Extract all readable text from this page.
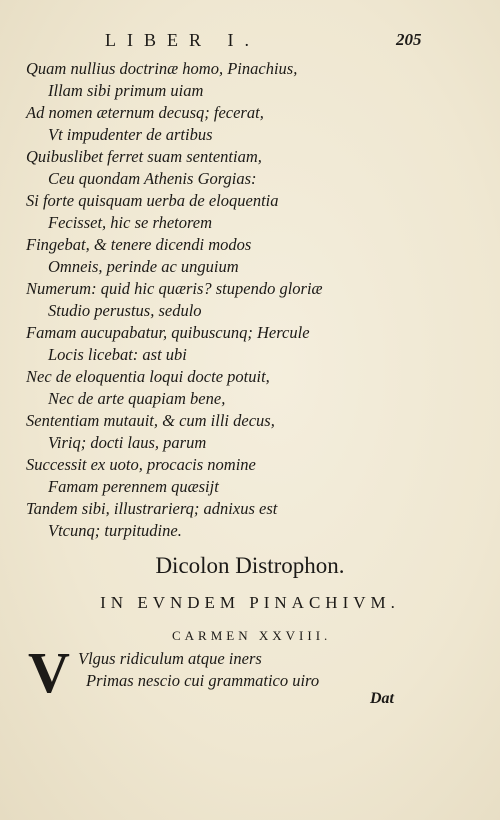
LIBER I.	205
Quam nullius doctrinæ homo, Pinachius,
Illam sibi primum uiam
Ad nomen æternum decusq; fecerat,
Vt impudenter de artibus
Quibuslibet ferret suam sententiam,
Ceu quondam Athenis Gorgias:
Si forte quisquam uerba de eloquentia
Fecisset, hic se rhetorem
Fingebat, & tenere dicendi modos
Omneis, perinde ac unguium
Numerum: quid hic quæris? stupendo gloriæ
Studio perustus, sedulo
Famam aucupabatur, quibuscunq; Hercule
Locis licebat: ast ubi
Nec de eloquentia loqui docte potuit,
Nec de arte quapiam bene,
Sententiam mutauit, & cum illi decus,
Viriq; docti laus, parum
Successit ex uoto, procacis nomine
Famam perennem quæsijt
Tandem sibi, illustrarierq; adnixus est
Vtcunq; turpitudine.
Dicolon Distrophon.
IN EVNDEM PINACHIVM.
CARMEN XXVIII.
V Vlgus ridiculum atque iners
Primas nescio cui grammatico uiro
Dat
